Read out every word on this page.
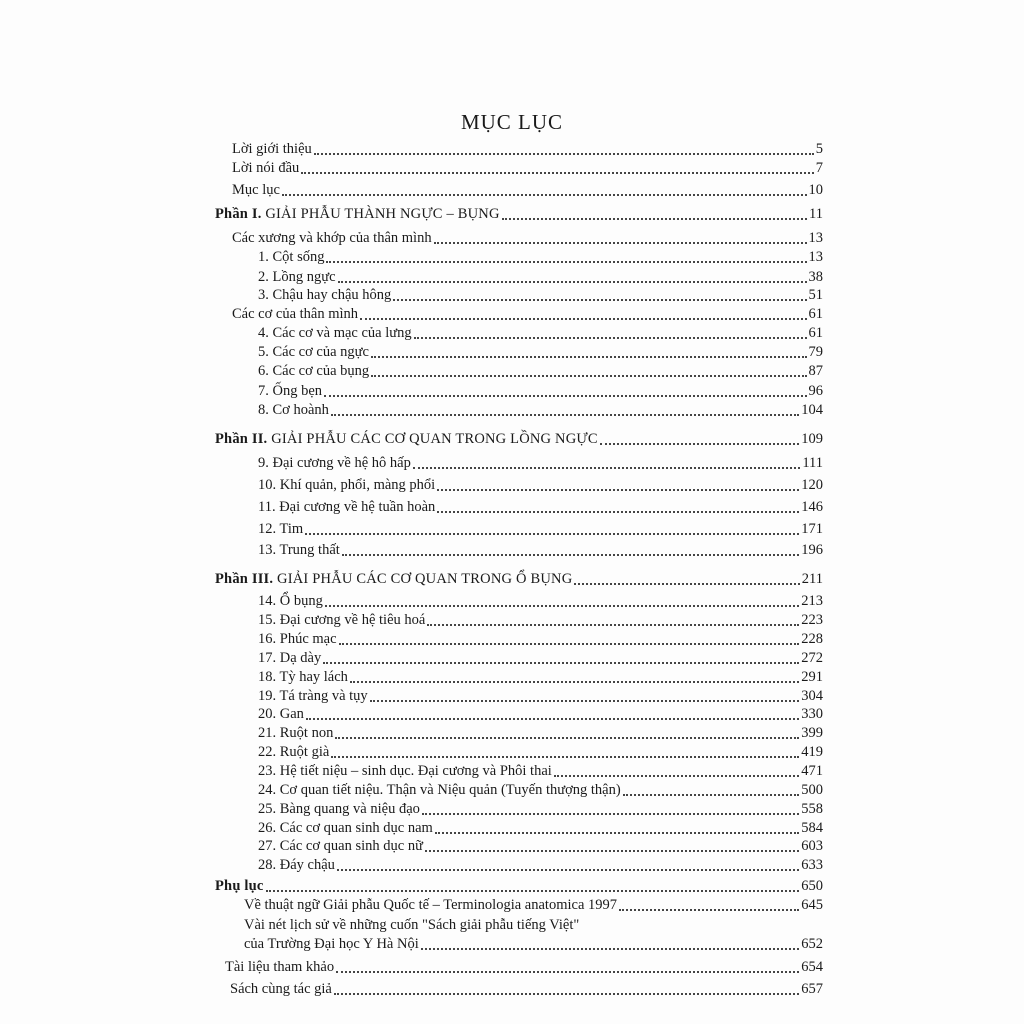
MỤC LỤC
Lời giới thiệu	5
Lời nói đầu	7
Mục lục	10
Phần I. GIẢI PHẪU THÀNH NGỰC – BỤNG	11
Các xương và khớp của thân mình	13
1. Cột sống	13
2. Lồng ngực	38
3. Chậu hay chậu hông	51
Các cơ của thân mình	61
4. Các cơ và mạc của lưng	61
5. Các cơ của ngực	79
6. Các cơ của bụng	87
7. Ống bẹn	96
8. Cơ hoành	104
Phần II. GIẢI PHẪU CÁC CƠ QUAN TRONG LỒNG NGỰC	109
9. Đại cương về hệ hô hấp	111
10. Khí quản, phổi, màng phổi	120
11. Đại cương về hệ tuần hoàn	146
12. Tim	171
13. Trung thất	196
Phần III. GIẢI PHẪU CÁC CƠ QUAN TRONG Ổ BỤNG	211
14. Ổ bụng	213
15. Đại cương về hệ tiêu hoá	223
16. Phúc mạc	228
17. Dạ dày	272
18. Tỳ hay lách	291
19. Tá tràng và tụy	304
20. Gan	330
21. Ruột non	399
22. Ruột già	419
23. Hệ tiết niệu – sinh dục. Đại cương và Phôi thai	471
24. Cơ quan tiết niệu. Thận và Niệu quản (Tuyến thượng thận)	500
25. Bàng quang và niệu đạo	558
26. Các cơ quan sinh dục nam	584
27. Các cơ quan sinh dục nữ	603
28. Đáy chậu	633
Phụ lục	650
Về thuật ngữ Giải phẫu Quốc tế – Terminologia anatomica 1997	645
Vài nét lịch sử về những cuốn "Sách giải phẫu tiếng Việt"
của Trường Đại học Y Hà Nội	652
Tài liệu tham khảo	654
Sách cùng tác giả	657
